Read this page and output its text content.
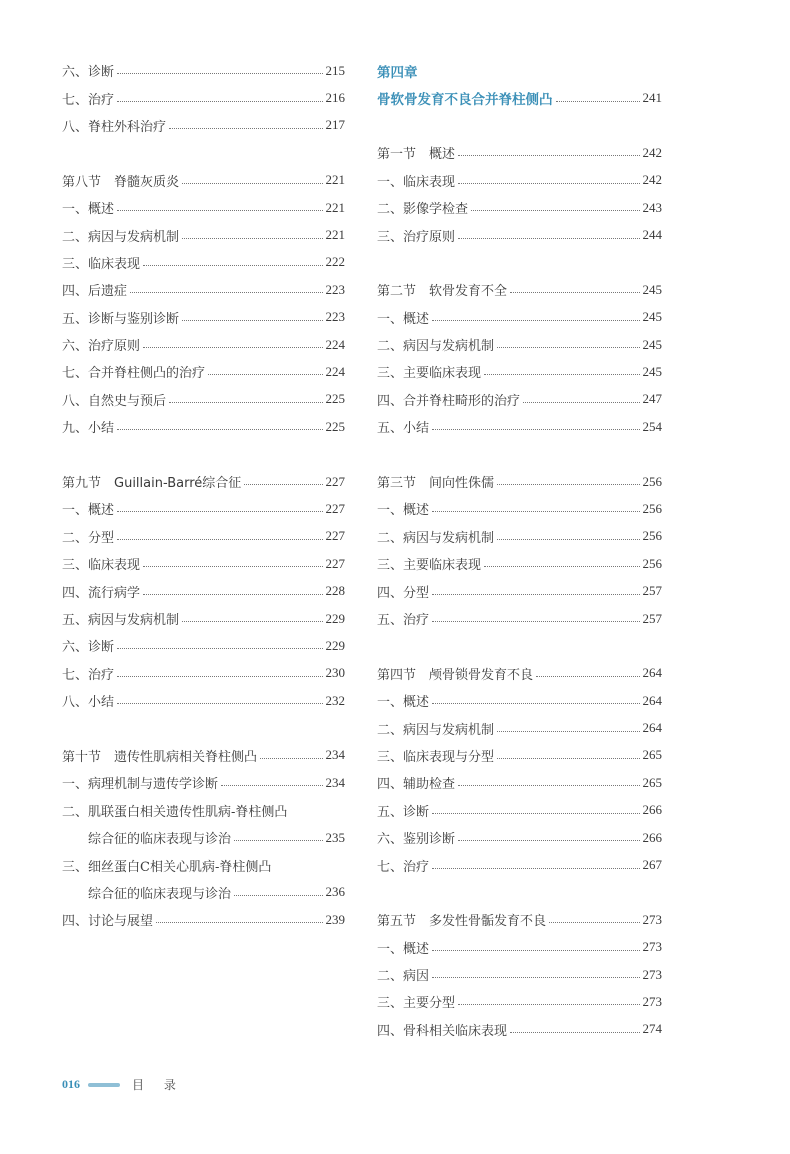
六、诊断	215
七、治疗	216
八、脊柱外科治疗	217
第八节　脊髓灰质炎	221
一、概述	221
二、病因与发病机制	221
三、临床表现	222
四、后遗症	223
五、诊断与鉴别诊断	223
六、治疗原则	224
七、合并脊柱侧凸的治疗	224
八、自然史与预后	225
九、小结	225
第九节　Guillain-Barré综合征	227
一、概述	227
二、分型	227
三、临床表现	227
四、流行病学	228
五、病因与发病机制	229
六、诊断	229
七、治疗	230
八、小结	232
第十节　遗传性肌病相关脊柱侧凸	234
一、病理机制与遗传学诊断	234
二、肌联蛋白相关遗传性肌病-脊柱侧凸
综合征的临床表现与诊治	235
三、细丝蛋白C相关心肌病-脊柱侧凸
综合征的临床表现与诊治	236
四、讨论与展望	239
第四章
骨软骨发育不良合并脊柱侧凸	241
第一节　概述	242
一、临床表现	242
二、影像学检查	243
三、治疗原则	244
第二节　软骨发育不全	245
一、概述	245
二、病因与发病机制	245
三、主要临床表现	245
四、合并脊柱畸形的治疗	247
五、小结	254
第三节　间向性侏儒	256
一、概述	256
二、病因与发病机制	256
三、主要临床表现	256
四、分型	257
五、治疗	257
第四节　颅骨锁骨发育不良	264
一、概述	264
二、病因与发病机制	264
三、临床表现与分型	265
四、辅助检查	265
五、诊断	266
六、鉴别诊断	266
七、治疗	267
第五节　多发性骨骺发育不良	273
一、概述	273
二、病因	273
三、主要分型	273
四、骨科相关临床表现	274
016	目 录
